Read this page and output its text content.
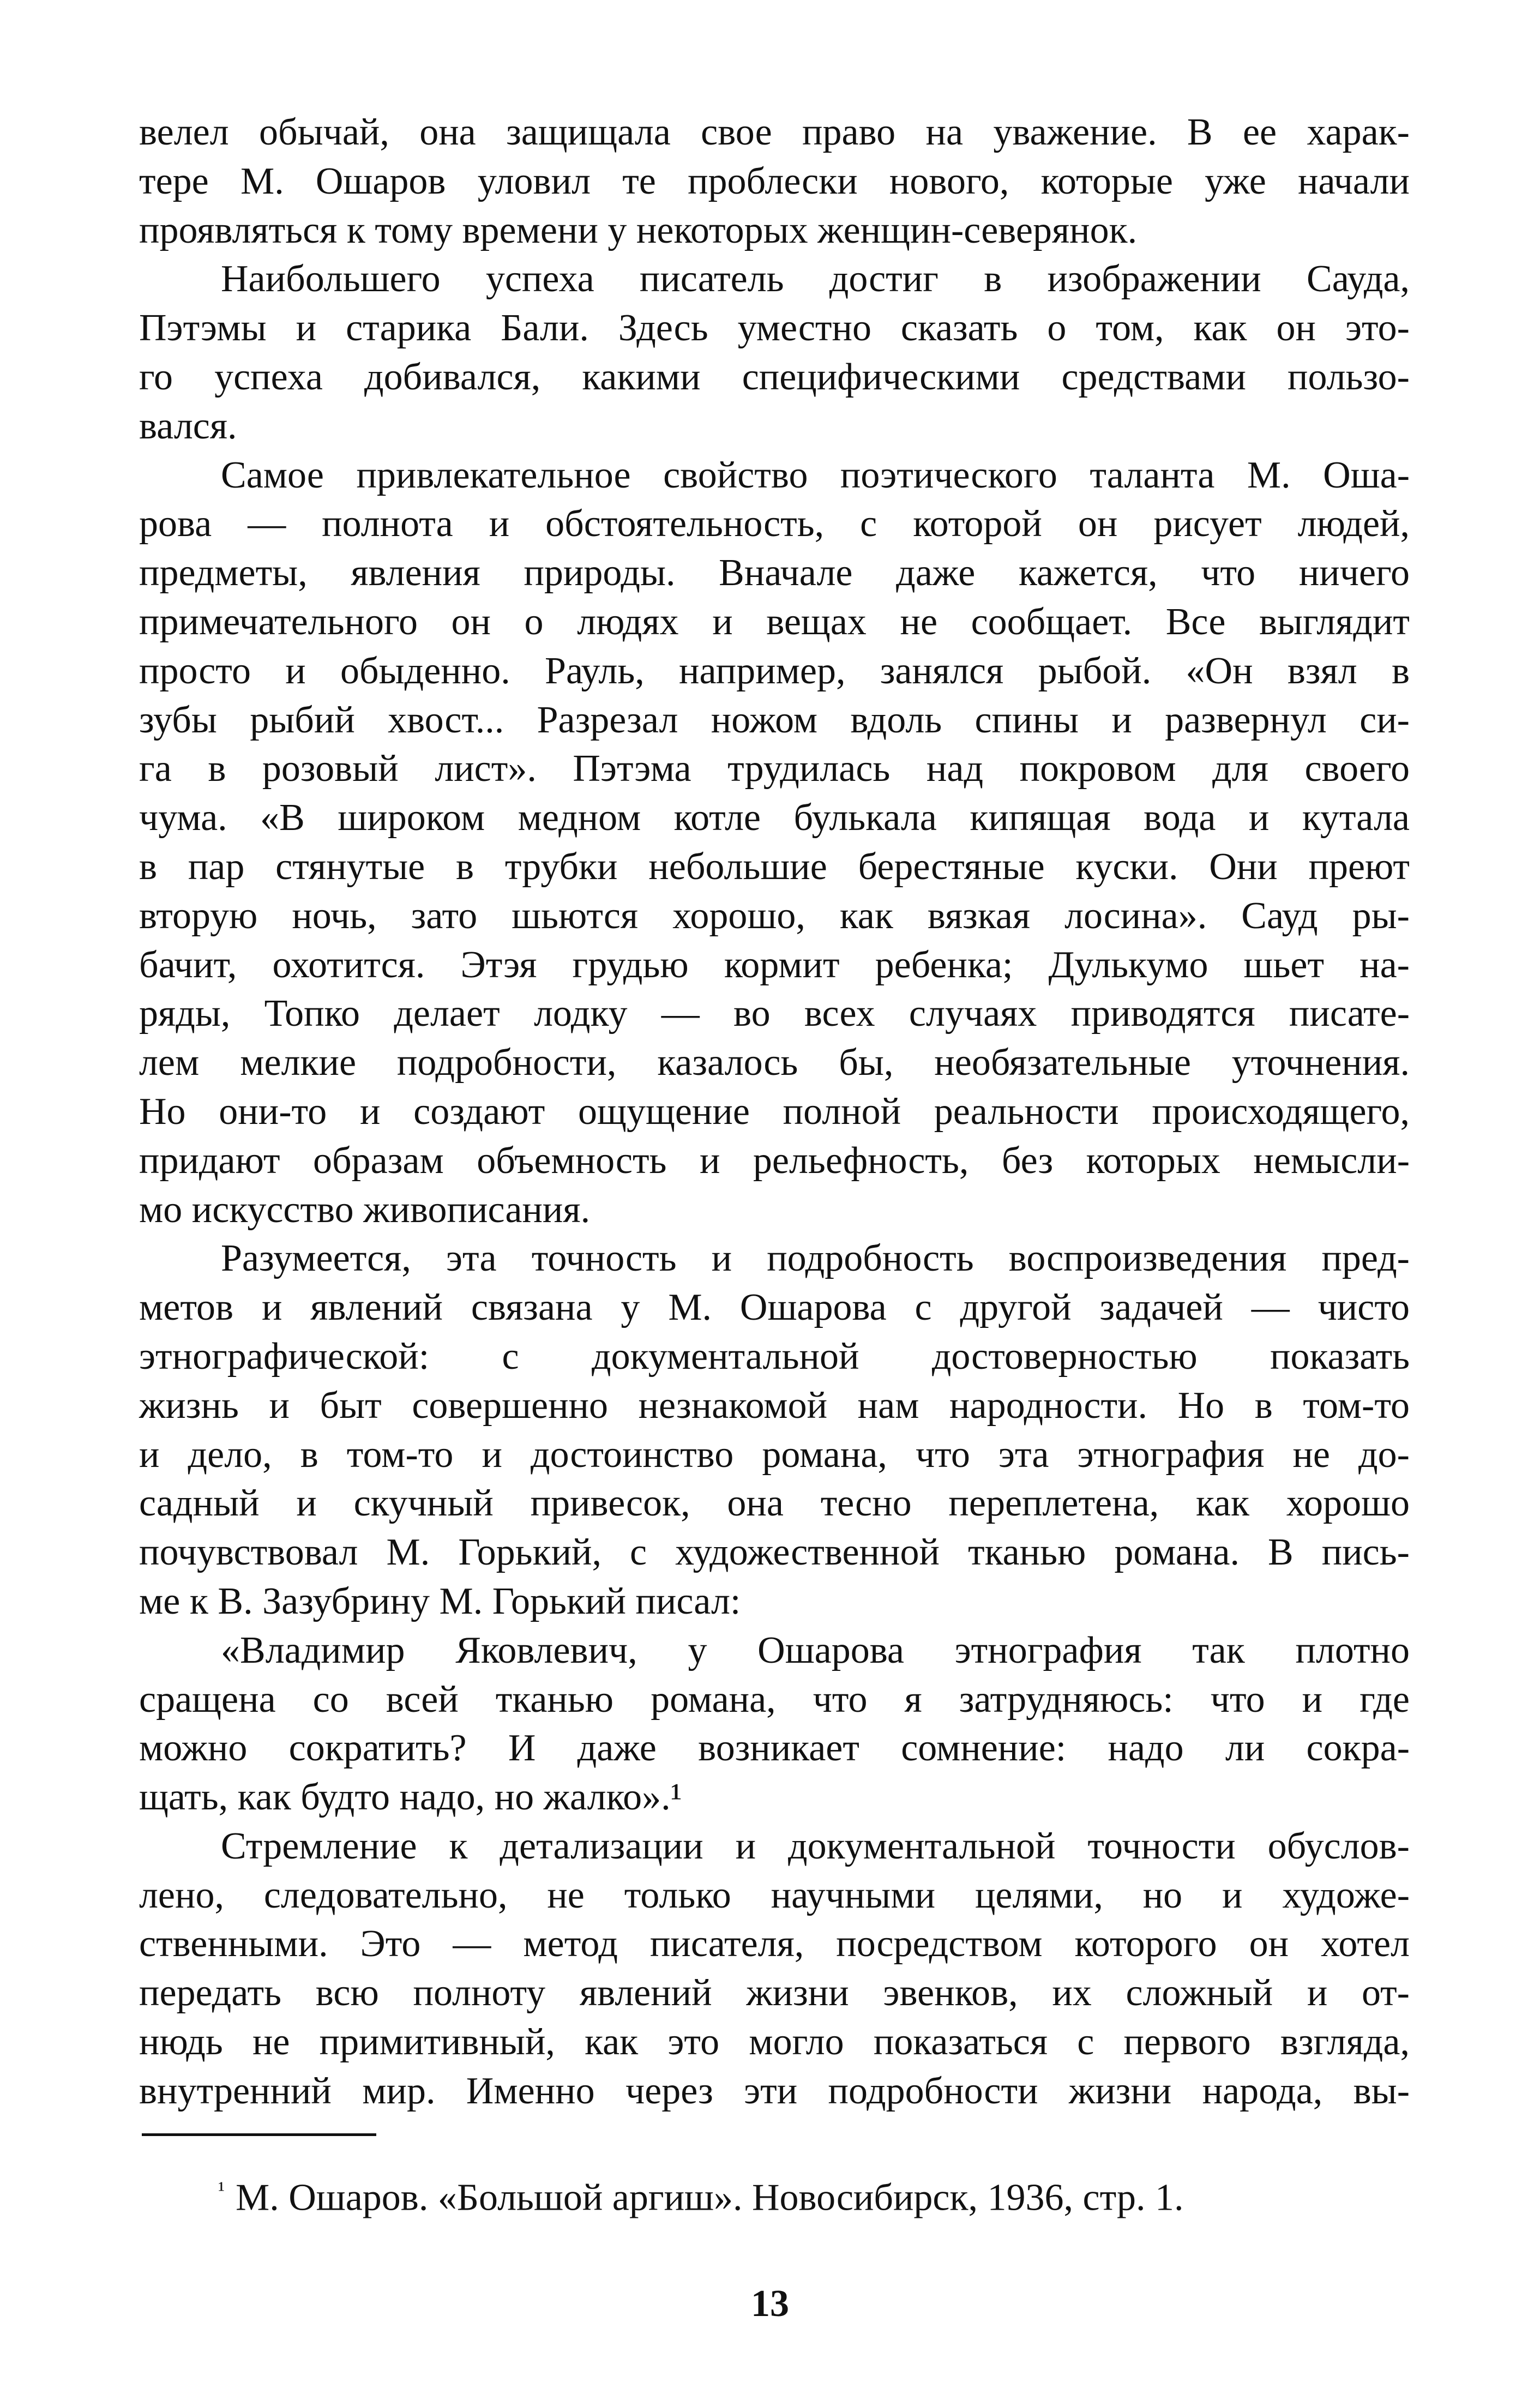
велел обычай, она защищала свое право на уважение. В ее харак-
тере М. Ошаров уловил те проблески нового, которые уже начали
проявляться к тому времени у некоторых женщин-северянок.
Наибольшего успеха писатель достиг в изображении Сауда,
Пэтэмы и старика Бали. Здесь уместно сказать о том, как он это-
го успеха добивался, какими специфическими средствами пользо-
вался.
Самое привлекательное свойство поэтического таланта М. Оша-
рова — полнота и обстоятельность, с которой он рисует людей,
предметы, явления природы. Вначале даже кажется, что ничего
примечательного он о людях и вещах не сообщает. Все выглядит
просто и обыденно. Рауль, например, занялся рыбой. «Он взял в
зубы рыбий хвост... Разрезал ножом вдоль спины и развернул си-
га в розовый лист». Пэтэма трудилась над покровом для своего
чума. «В широком медном котле булькала кипящая вода и кутала
в пар стянутые в трубки небольшие берестяные куски. Они преют
вторую ночь, зато шьются хорошо, как вязкая лосина». Сауд ры-
бачит, охотится. Этэя грудью кормит ребенка; Дулькумо шьет на-
ряды, Топко делает лодку — во всех случаях приводятся писате-
лем мелкие подробности, казалось бы, необязательные уточнения.
Но они-то и создают ощущение полной реальности происходящего,
придают образам объемность и рельефность, без которых немысли-
мо искусство живописания.
Разумеется, эта точность и подробность воспроизведения пред-
метов и явлений связана у М. Ошарова с другой задачей — чисто
этнографической: с документальной достоверностью показать
жизнь и быт совершенно незнакомой нам народности. Но в том-то
и дело, в том-то и достоинство романа, что эта этнография не до-
садный и скучный привесок, она тесно переплетена, как хорошо
почувствовал М. Горький, с художественной тканью романа. В пись-
ме к В. Зазубрину М. Горький писал:
«Владимир Яковлевич, у Ошарова этнография так плотно
сращена со всей тканью романа, что я затрудняюсь: что и где
можно сократить? И даже возникает сомнение: надо ли сокра-
щать, как будто надо, но жалко».¹
Стремление к детализации и документальной точности обуслов-
лено, следовательно, не только научными целями, но и художе-
ственными. Это — метод писателя, посредством которого он хотел
передать всю полноту явлений жизни эвенков, их сложный и от-
нюдь не примитивный, как это могло показаться с первого взгляда,
внутренний мир. Именно через эти подробности жизни народа, вы-
$^{^1}$ М. Ошаров. «Большой аргиш». Новосибирск, 1936, стр. 1.
13
